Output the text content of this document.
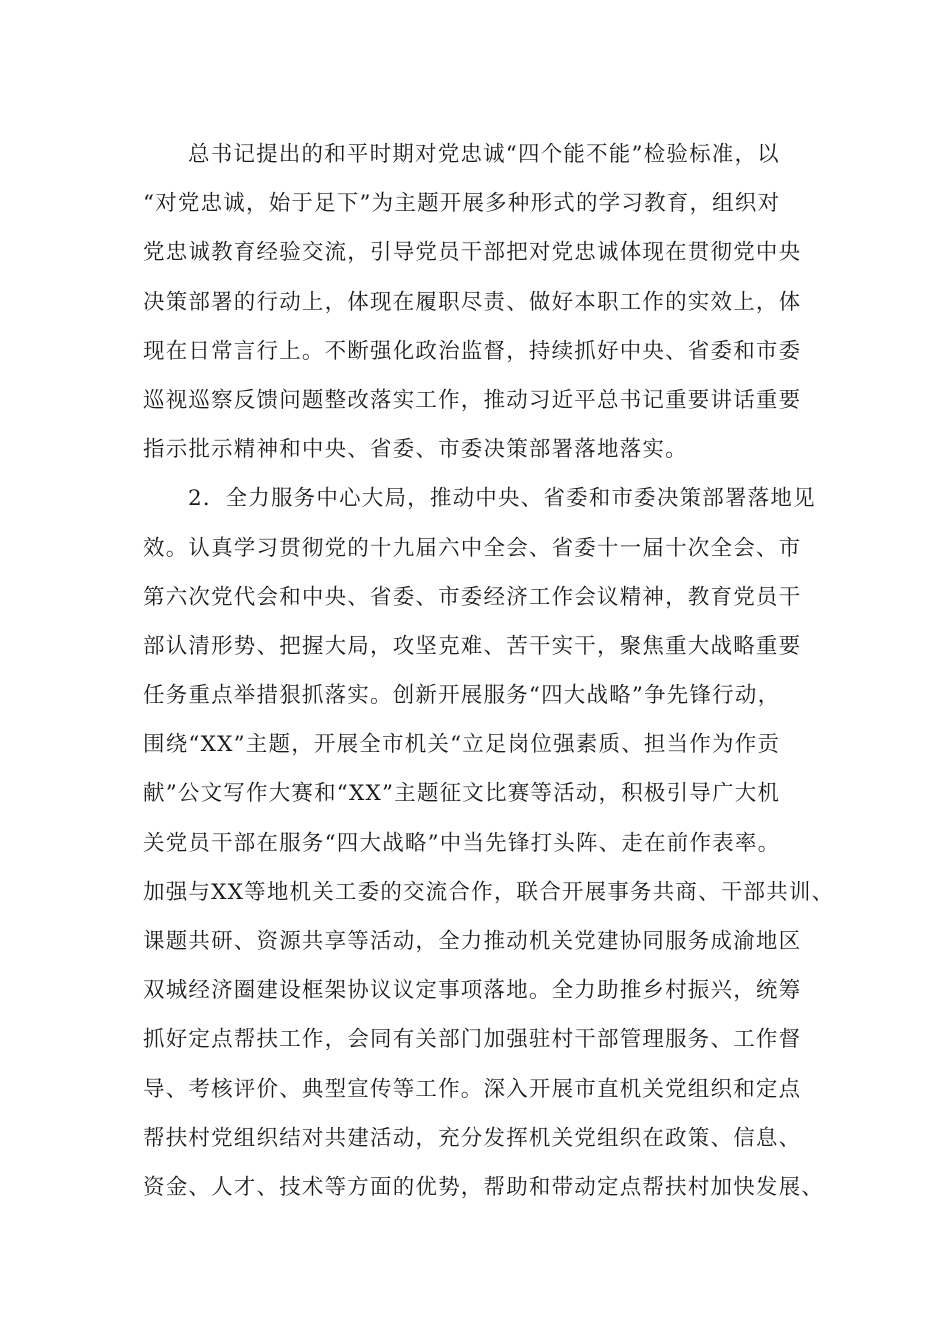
总书记提出的和平时期对党忠诚“四个能不能”检验标准，以
“对党忠诚，始于足下”为主题开展多种形式的学习教育，组织对
党忠诚教育经验交流，引导党员干部把对党忠诚体现在贯彻党中央
决策部署的行动上，体现在履职尽责、做好本职工作的实效上，体
现在日常言行上。不断强化政治监督，持续抓好中央、省委和市委
巡视巡察反馈问题整改落实工作，推动习近平总书记重要讲话重要
指示批示精神和中央、省委、市委决策部署落地落实。
2．全力服务中心大局，推动中央、省委和市委决策部署落地见
效。认真学习贯彻党的十九届六中全会、省委十一届十次全会、市
第六次党代会和中央、省委、市委经济工作会议精神，教育党员干
部认清形势、把握大局，攻坚克难、苦干实干，聚焦重大战略重要
任务重点举措狠抓落实。创新开展服务“四大战略”争先锋行动，
围绕“XX”主题，开展全市机关“立足岗位强素质、担当作为作贡
献”公文写作大赛和“XX”主题征文比赛等活动，积极引导广大机
关党员干部在服务“四大战略”中当先锋打头阵、走在前作表率。
加强与XX等地机关工委的交流合作，联合开展事务共商、干部共训、
课题共研、资源共享等活动，全力推动机关党建协同服务成渝地区
双城经济圈建设框架协议议定事项落地。全力助推乡村振兴，统筹
抓好定点帮扶工作，会同有关部门加强驻村干部管理服务、工作督
导、考核评价、典型宣传等工作。深入开展市直机关党组织和定点
帮扶村党组织结对共建活动，充分发挥机关党组织在政策、信息、
资金、人才、技术等方面的优势，帮助和带动定点帮扶村加快发展、
